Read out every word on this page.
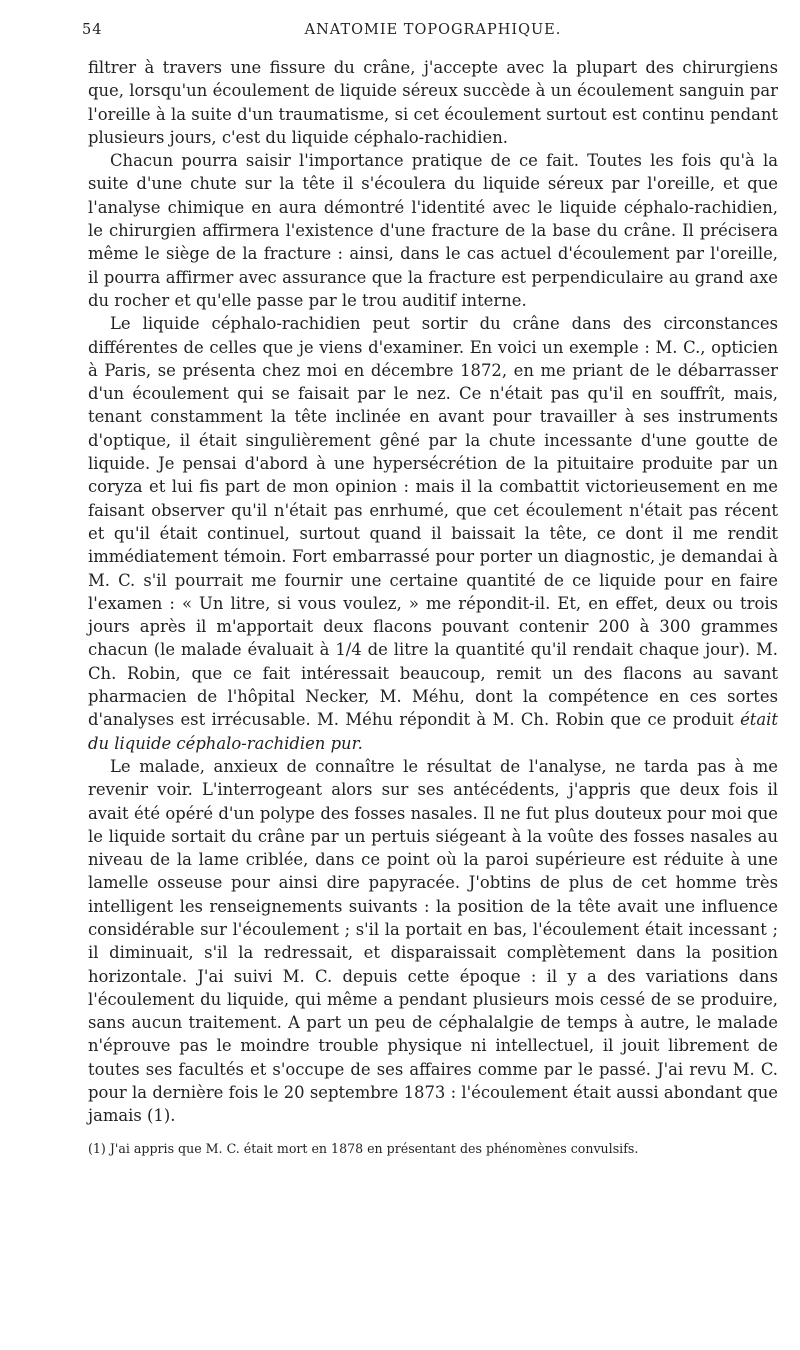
54	ANATOMIE TOPOGRAPHIQUE.

filtrer à travers une fissure du crâne, j'accepte avec la plupart des chirurgiens que, lorsqu'un écoulement de liquide séreux succède à un écoulement sanguin par l'oreille à la suite d'un traumatisme, si cet écoulement surtout est continu pendant plusieurs jours, c'est du liquide céphalo-rachidien.

Chacun pourra saisir l'importance pratique de ce fait. Toutes les fois qu'à la suite d'une chute sur la tête il s'écoulera du liquide séreux par l'oreille, et que l'analyse chimique en aura démontré l'identité avec le liquide céphalo-rachidien, le chirurgien affirmera l'existence d'une fracture de la base du crâne. Il précisera même le siège de la fracture : ainsi, dans le cas actuel d'écoulement par l'oreille, il pourra affirmer avec assurance que la fracture est perpendiculaire au grand axe du rocher et qu'elle passe par le trou auditif interne.

Le liquide céphalo-rachidien peut sortir du crâne dans des circonstances différentes de celles que je viens d'examiner. En voici un exemple : M. C., opticien à Paris, se présenta chez moi en décembre 1872, en me priant de le débarrasser d'un écoulement qui se faisait par le nez. Ce n'était pas qu'il en souffrît, mais, tenant constamment la tête inclinée en avant pour travailler à ses instruments d'optique, il était singulièrement gêné par la chute incessante d'une goutte de liquide. Je pensai d'abord à une hypersécrétion de la pituitaire produite par un coryza et lui fis part de mon opinion : mais il la combattit victorieusement en me faisant observer qu'il n'était pas enrhumé, que cet écoulement n'était pas récent et qu'il était continuel, surtout quand il baissait la tête, ce dont il me rendit immédiatement témoin. Fort embarrassé pour porter un diagnostic, je demandai à M. C. s'il pourrait me fournir une certaine quantité de ce liquide pour en faire l'examen : « Un litre, si vous voulez, » me répondit-il. Et, en effet, deux ou trois jours après il m'apportait deux flacons pouvant contenir 200 à 300 grammes chacun (le malade évaluait à 1/4 de litre la quantité qu'il rendait chaque jour). M. Ch. Robin, que ce fait intéressait beaucoup, remit un des flacons au savant pharmacien de l'hôpital Necker, M. Méhu, dont la compétence en ces sortes d'analyses est irrécusable. M. Méhu répondit à M. Ch. Robin que ce produit était du liquide céphalo-rachidien pur.

Le malade, anxieux de connaître le résultat de l'analyse, ne tarda pas à me revenir voir. L'interrogeant alors sur ses antécédents, j'appris que deux fois il avait été opéré d'un polype des fosses nasales. Il ne fut plus douteux pour moi que le liquide sortait du crâne par un pertuis siégeant à la voûte des fosses nasales au niveau de la lame criblée, dans ce point où la paroi supérieure est réduite à une lamelle osseuse pour ainsi dire papyracée. J'obtins de plus de cet homme très intelligent les renseignements suivants : la position de la tête avait une influence considérable sur l'écoulement ; s'il la portait en bas, l'écoulement était incessant ; il diminuait, s'il la redressait, et disparaissait complètement dans la position horizontale. J'ai suivi M. C. depuis cette époque : il y a des variations dans l'écoulement du liquide, qui même a pendant plusieurs mois cessé de se produire, sans aucun traitement. A part un peu de céphalalgie de temps à autre, le malade n'éprouve pas le moindre trouble physique ni intellectuel, il jouit librement de toutes ses facultés et s'occupe de ses affaires comme par le passé. J'ai revu M. C. pour la dernière fois le 20 septembre 1873 : l'écoulement était aussi abondant que jamais (1).

(1) J'ai appris que M. C. était mort en 1878 en présentant des phénomènes convulsifs.
